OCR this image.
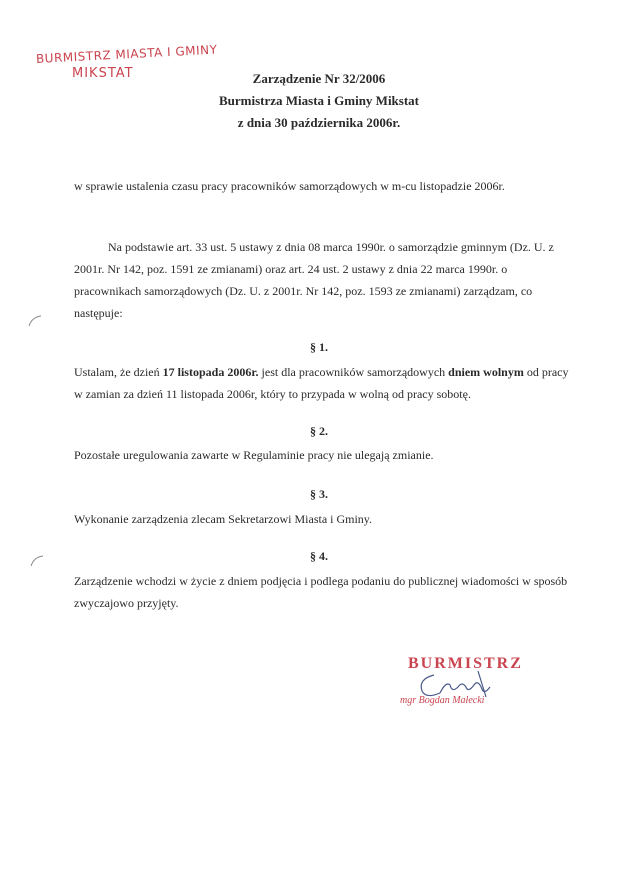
BURMISTRZ MIASTA I GMINY
MIKSTAT	Zarządzenie Nr 32/2006
Burmistrza Miasta i Gminy Mikstat
z dnia 30 października 2006r.
w sprawie ustalenia czasu pracy pracowników samorządowych w m-cu listopadzie 2006r.
Na podstawie art. 33 ust. 5 ustawy z dnia 08 marca 1990r. o samorządzie gminnym (Dz. U. z 2001r. Nr 142, poz. 1591 ze zmianami) oraz art. 24 ust. 2 ustawy z dnia 22 marca 1990r. o pracownikach samorządowych (Dz. U. z 2001r. Nr 142, poz. 1593 ze zmianami) zarządzam, co następuje:
§ 1.
Ustalam, że dzień 17 listopada 2006r. jest dla pracowników samorządowych dniem wolnym od pracy w zamian za dzień 11 listopada 2006r, który to przypada w wolną od pracy sobotę.
§ 2.
Pozostałe uregulowania zawarte w Regulaminie pracy nie ulegają zmianie.
§ 3.
Wykonanie zarządzenia zlecam Sekretarzowi Miasta i Gminy.
§ 4.
Zarządzenie wchodzi w życie z dniem podjęcia i podlega podaniu do publicznej wiadomości w sposób zwyczajowo przyjęty.
BURMISTRZ
mgr Bogdan Małecki
